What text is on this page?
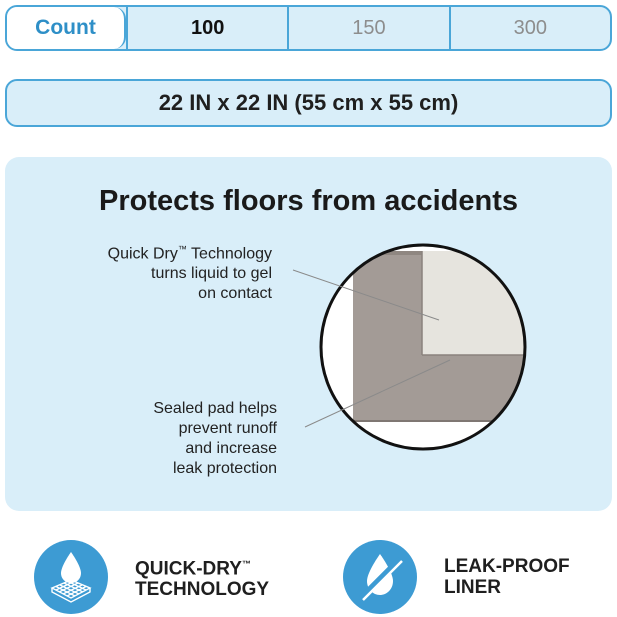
Count	100	150	300
22 IN x 22 IN (55 cm x 55 cm)
Protects floors from accidents
Quick Dry™ Technology
turns liquid to gel
on contact
Sealed pad helps
prevent runoff
and increase
leak protection
QUICK-DRY™
TECHNOLOGY
LEAK-PROOF
LINER
